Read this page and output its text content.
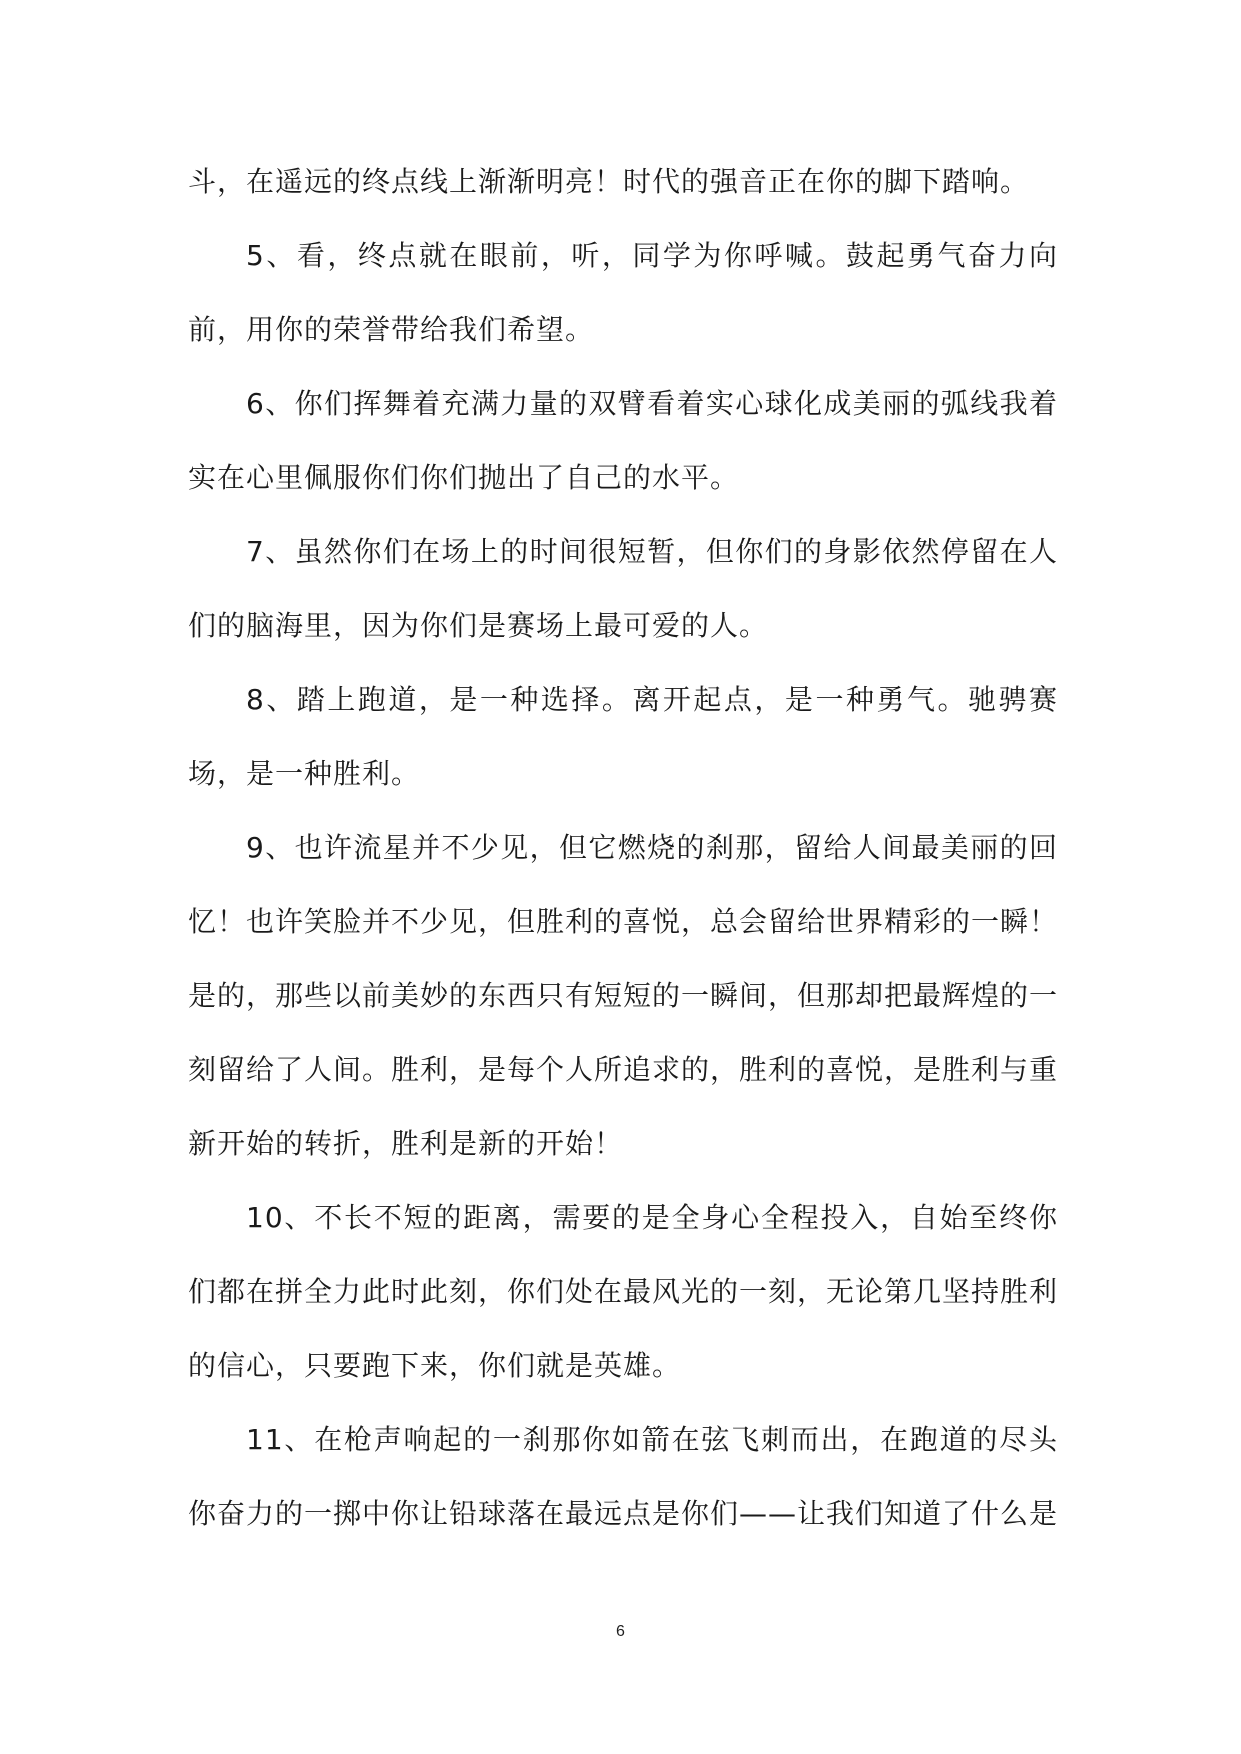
斗，在遥远的终点线上渐渐明亮！时代的强音正在你的脚下踏响。

5、看，终点就在眼前，听，同学为你呼喊。鼓起勇气奋力向前，用你的荣誉带给我们希望。

6、你们挥舞着充满力量的双臂看着实心球化成美丽的弧线我着实在心里佩服你们你们抛出了自己的水平。

7、虽然你们在场上的时间很短暂，但你们的身影依然停留在人们的脑海里，因为你们是赛场上最可爱的人。

8、踏上跑道，是一种选择。离开起点，是一种勇气。驰骋赛场，是一种胜利。

9、也许流星并不少见，但它燃烧的刹那，留给人间最美丽的回忆！也许笑脸并不少见，但胜利的喜悦，总会留给世界精彩的一瞬！是的，那些以前美妙的东西只有短短的一瞬间，但那却把最辉煌的一刻留给了人间。胜利，是每个人所追求的，胜利的喜悦，是胜利与重新开始的转折，胜利是新的开始！

10、不长不短的距离，需要的是全身心全程投入，自始至终你们都在拼全力此时此刻，你们处在最风光的一刻，无论第几坚持胜利的信心，只要跑下来，你们就是英雄。

11、在枪声响起的一刹那你如箭在弦飞刺而出，在跑道的尽头你奋力的一掷中你让铅球落在最远点是你们——让我们知道了什么是

6
